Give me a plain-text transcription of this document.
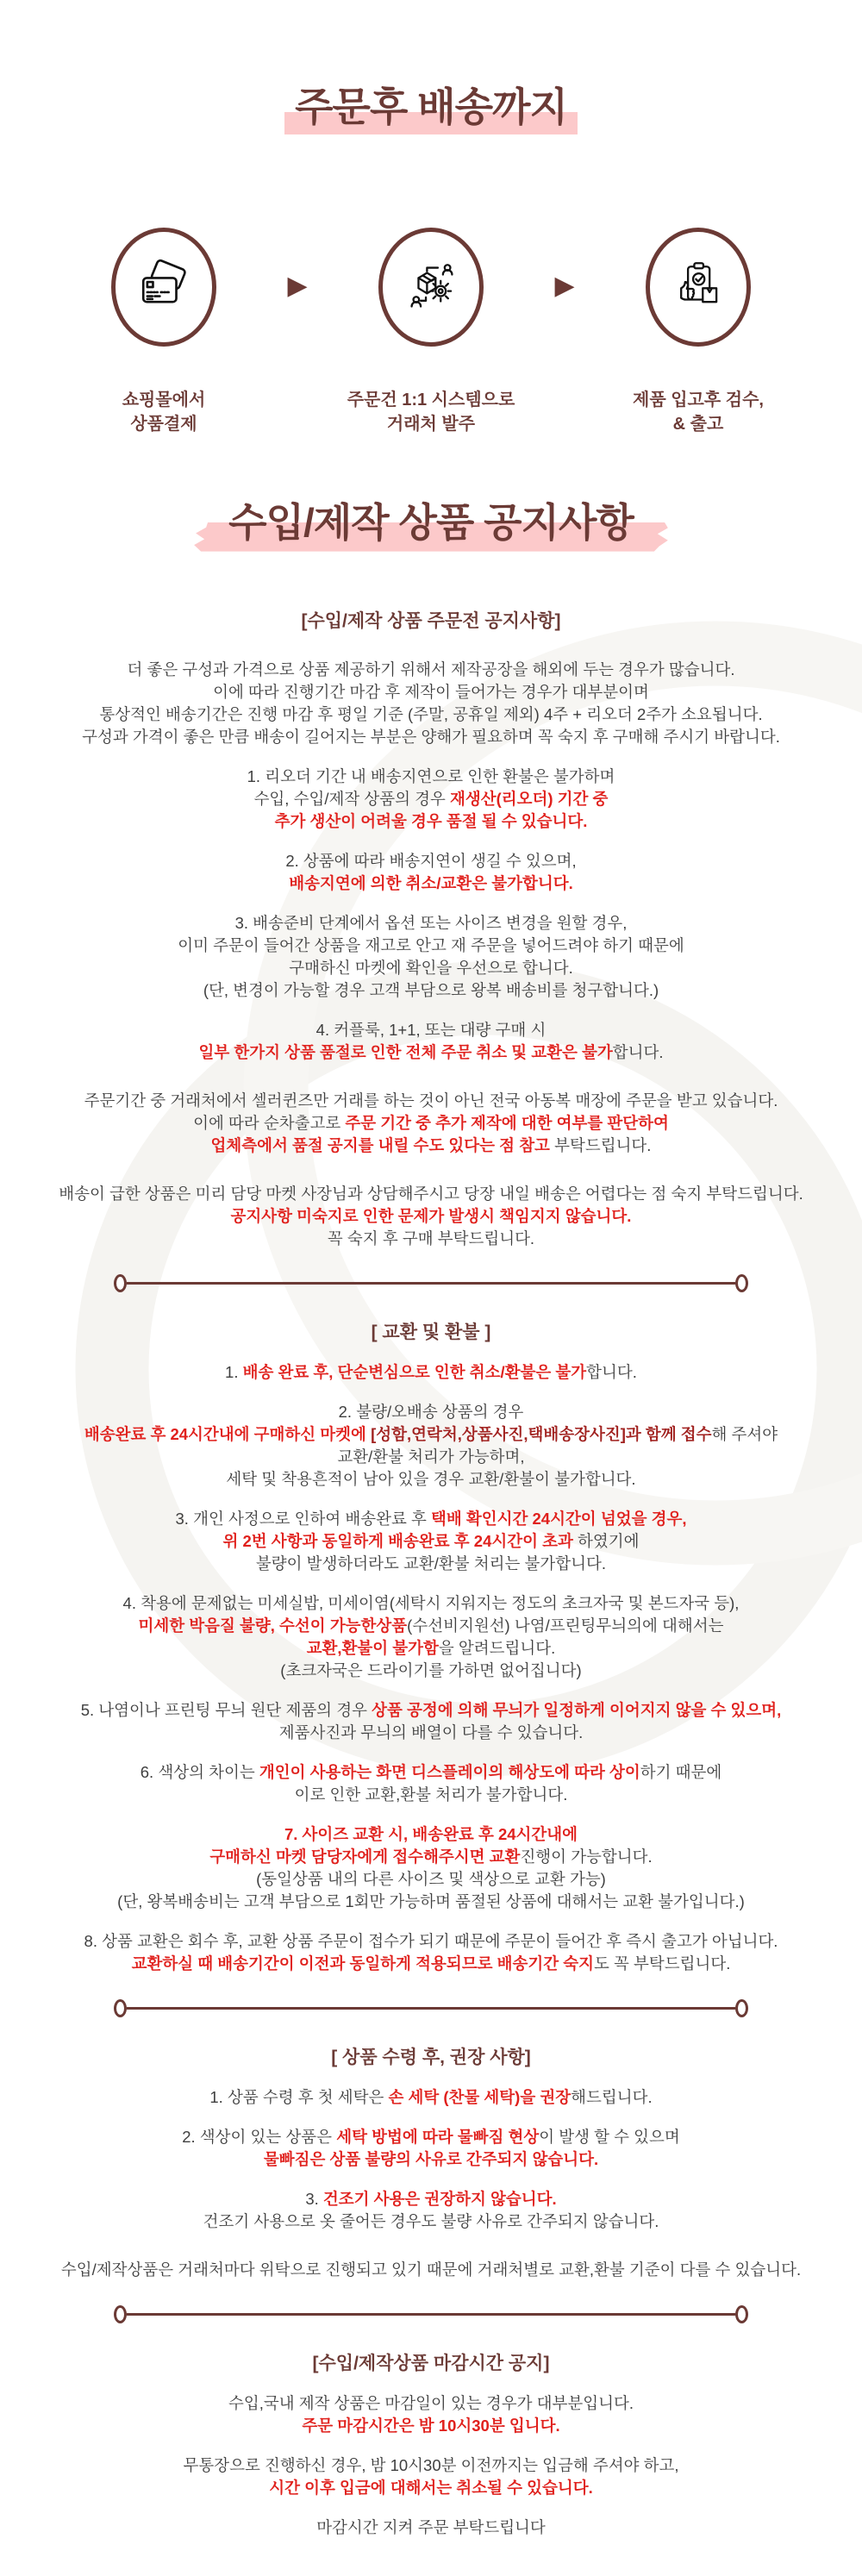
주문후 배송까지
쇼핑몰에서
상품결제
▶
주문건 1:1 시스템으로
거래처 발주
▶
제품 입고후 검수,
& 출고
수입/제작 상품 공지사항
[수입/제작 상품 주문전 공지사항]
더 좋은 구성과 가격으로 상품 제공하기 위해서 제작공장을 해외에 두는 경우가 많습니다.
이에 따라 진행기간 마감 후 제작이 들어가는 경우가 대부분이며
통상적인 배송기간은 진행 마감 후 평일 기준 (주말, 공휴일 제외) 4주 + 리오더 2주가 소요됩니다.
구성과 가격이 좋은 만큼 배송이 길어지는 부분은 양해가 필요하며 꼭 숙지 후 구매해 주시기 바랍니다.
1. 리오더 기간 내 배송지연으로 인한 환불은 불가하며
수입, 수입/제작 상품의 경우 재생산(리오더) 기간 중
추가 생산이 어려울 경우 품절 될 수 있습니다.
2. 상품에 따라 배송지연이 생길 수 있으며,
배송지연에 의한 취소/교환은 불가합니다.
3. 배송준비 단계에서 옵션 또는 사이즈 변경을 원할 경우,
이미 주문이 들어간 상품을 재고로 안고 재 주문을 넣어드려야 하기 때문에
구매하신 마켓에 확인을 우선으로 합니다.
(단, 변경이 가능할 경우 고객 부담으로 왕복 배송비를 청구합니다.)
4. 커플룩, 1+1, 또는 대량 구매 시
일부 한가지 상품 품절로 인한 전체 주문 취소 및 교환은 불가합니다.
주문기간 중 거래처에서 셀러퀸즈만 거래를 하는 것이 아닌 전국 아동복 매장에 주문을 받고 있습니다.
이에 따라 순차출고로 주문 기간 중 추가 제작에 대한 여부를 판단하여
업체측에서 품절 공지를 내릴 수도 있다는 점 참고 부탁드립니다.
배송이 급한 상품은 미리 담당 마켓 사장님과 상담해주시고 당장 내일 배송은 어렵다는 점 숙지 부탁드립니다.
공지사항 미숙지로 인한 문제가 발생시 책임지지 않습니다.
꼭 숙지 후 구매 부탁드립니다.
[ 교환 및 환불 ]
1. 배송 완료 후, 단순변심으로 인한 취소/환불은 불가합니다.
2. 불량/오배송 상품의 경우
배송완료 후 24시간내에 구매하신 마켓에 [성함,연락처,상품사진,택배송장사진]과 함께 접수해 주셔야
교환/환불 처리가 가능하며,
세탁 및 착용흔적이 남아 있을 경우 교환/환불이 불가합니다.
3. 개인 사정으로 인하여 배송완료 후 택배 확인시간 24시간이 넘었을 경우,
위 2번 사항과 동일하게 배송완료 후 24시간이 초과 하였기에
불량이 발생하더라도 교환/환불 처리는 불가합니다.
4. 착용에 문제없는 미세실밥, 미세이염(세탁시 지워지는 정도의 초크자국 및 본드자국 등),
미세한 박음질 불량, 수선이 가능한상품(수선비지원선) 나염/프린팅무늬의에 대해서는
교환,환불이 불가함을 알려드립니다.
(초크자국은 드라이기를 가하면 없어집니다)
5. 나염이나 프린팅 무늬 원단 제품의 경우 상품 공정에 의해 무늬가 일정하게 이어지지 않을 수 있으며,
제품사진과 무늬의 배열이 다를 수 있습니다.
6. 색상의 차이는 개인이 사용하는 화면 디스플레이의 해상도에 따라 상이하기 때문에
이로 인한 교환,환불 처리가 불가합니다.
7. 사이즈 교환 시, 배송완료 후 24시간내에
구매하신 마켓 담당자에게 접수해주시면 교환진행이 가능합니다.
(동일상품 내의 다른 사이즈 및 색상으로 교환 가능)
(단, 왕복배송비는 고객 부담으로 1회만 가능하며 품절된 상품에 대해서는 교환 불가입니다.)
8. 상품 교환은 회수 후, 교환 상품 주문이 접수가 되기 때문에 주문이 들어간 후 즉시 출고가 아닙니다.
교환하실 때 배송기간이 이전과 동일하게 적용되므로 배송기간 숙지도 꼭 부탁드립니다.
[ 상품 수령 후, 권장 사항]
1. 상품 수령 후 첫 세탁은 손 세탁 (찬물 세탁)을 권장해드립니다.
2. 색상이 있는 상품은 세탁 방법에 따라 물빠짐 현상이 발생 할 수 있으며
물빠짐은 상품 불량의 사유로 간주되지 않습니다.
3. 건조기 사용은 권장하지 않습니다.
건조기 사용으로 옷 줄어든 경우도 불량 사유로 간주되지 않습니다.
수입/제작상품은 거래처마다 위탁으로 진행되고 있기 때문에 거래처별로 교환,환불 기준이 다를 수 있습니다.
[수입/제작상품 마감시간 공지]
수입,국내 제작 상품은 마감일이 있는 경우가 대부분입니다.
주문 마감시간은 밤 10시30분 입니다.
무통장으로 진행하신 경우, 밤 10시30분 이전까지는 입금해 주셔야 하고,
시간 이후 입금에 대해서는 취소될 수 있습니다.
마감시간 지켜 주문 부탁드립니다
